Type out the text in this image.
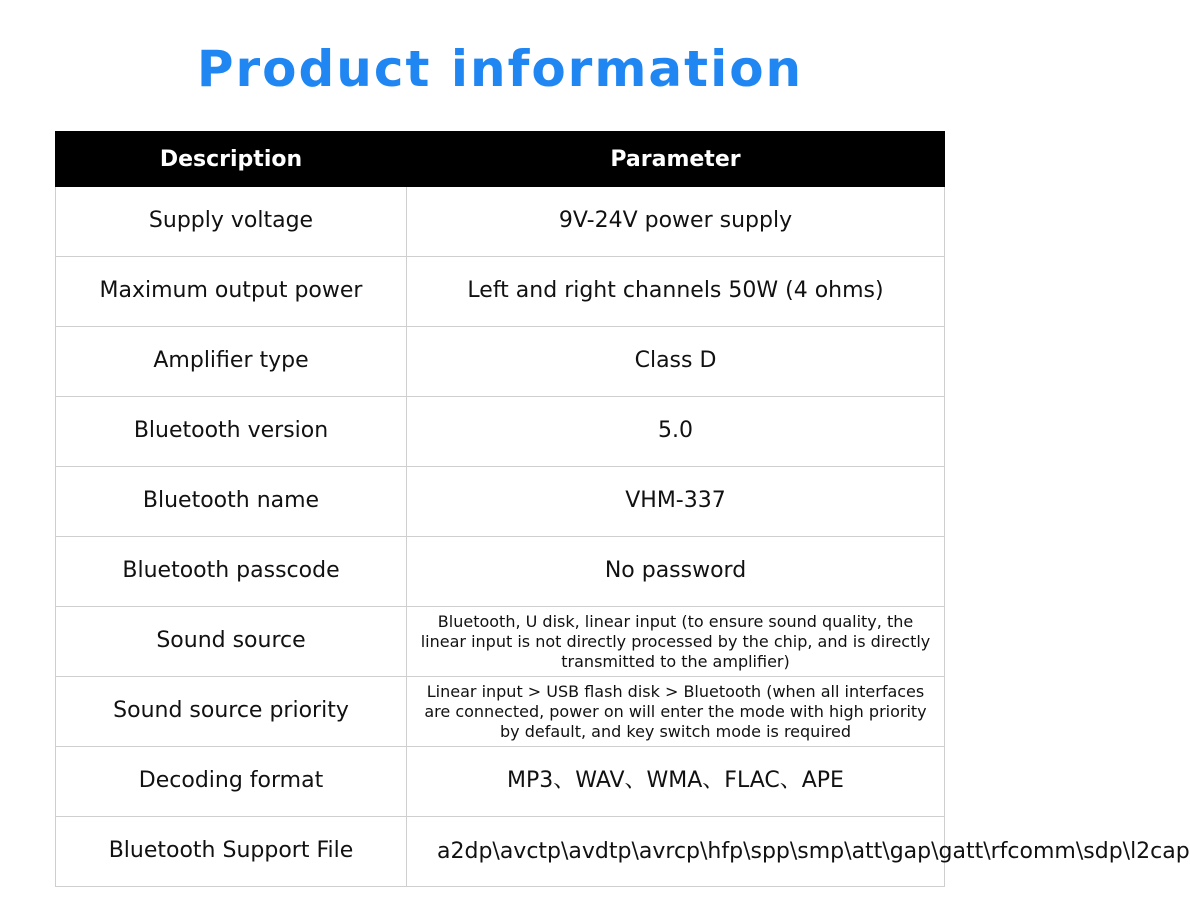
Product information
Description	Parameter
Supply voltage	9V-24V power supply
Maximum output power	Left and right channels 50W (4 ohms)
Amplifier type	Class D
Bluetooth version	5.0
Bluetooth name	VHM-337
Bluetooth passcode	No password
Sound source	Bluetooth, U disk, linear input (to ensure sound quality, the linear input is not directly processed by the chip, and is directly transmitted to the amplifier)
Sound source priority	Linear input > USB flash disk > Bluetooth (when all interfaces are connected, power on will enter the mode with high priority by default, and key switch mode is required
Decoding format	MP3、WAV、WMA、FLAC、APE
Bluetooth Support File	a2dp\avctp\avdtp\avrcp\hfp\spp\smp\att\gap\gatt\rfcomm\sdp\l2cap
